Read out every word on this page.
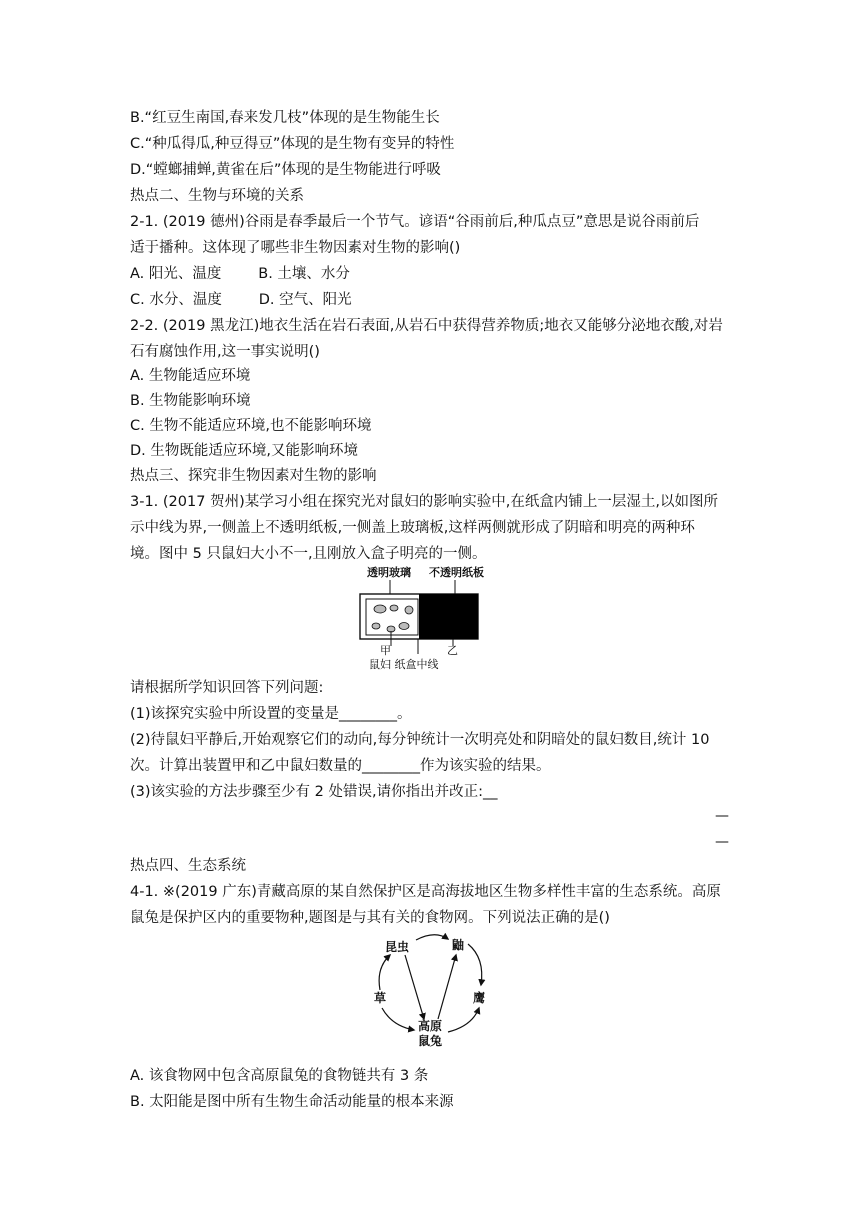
B.“红豆生南国,春来发几枝”体现的是生物能生长
C.“种瓜得瓜,种豆得豆”体现的是生物有变异的特性
D.“螳螂捕蝉,黄雀在后”体现的是生物能进行呼吸
热点二、生物与环境的关系
2-1. (2019 德州)谷雨是春季最后一个节气。谚语“谷雨前后,种瓜点豆”意思是说谷雨前后
适于播种。这体现了哪些非生物因素对生物的影响()
A. 阳光、温度        B. 土壤、水分
C. 水分、温度        D. 空气、阳光
2-2. (2019 黑龙江)地衣生活在岩石表面,从岩石中获得营养物质;地衣又能够分泌地衣酸,对岩
石有腐蚀作用,这一事实说明()
A. 生物能适应环境
B. 生物能影响环境
C. 生物不能适应环境,也不能影响环境
D. 生物既能适应环境,又能影响环境
热点三、探究非生物因素对生物的影响
3-1. (2017 贺州)某学习小组在探究光对鼠妇的影响实验中,在纸盒内铺上一层湿土,以如图所
示中线为界,一侧盖上不透明纸板,一侧盖上玻璃板,这样两侧就形成了阴暗和明亮的两种环
境。图中 5 只鼠妇大小不一,且刚放入盒子明亮的一侧。
透明玻璃 不透明纸板
甲	乙
鼠妇 纸盒中线
请根据所学知识回答下列问题:
(1)该探究实验中所设置的变量是________。
(2)待鼠妇平静后,开始观察它们的动向,每分钟统计一次明亮处和阴暗处的鼠妇数目,统计 10
次。计算出装置甲和乙中鼠妇数量的________作为该实验的结果。
(3)该实验的方法步骤至少有 2 处错误,请你指出并改正:__
—
—
热点四、生态系统
4-1. ※(2019 广东)青藏高原的某自然保护区是高海拔地区生物多样性丰富的生态系统。高原
鼠兔是保护区内的重要物种,题图是与其有关的食物网。下列说法正确的是()
昆虫	鼬
草	鹰
高原
鼠兔
A. 该食物网中包含高原鼠兔的食物链共有 3 条
B. 太阳能是图中所有生物生命活动能量的根本来源
